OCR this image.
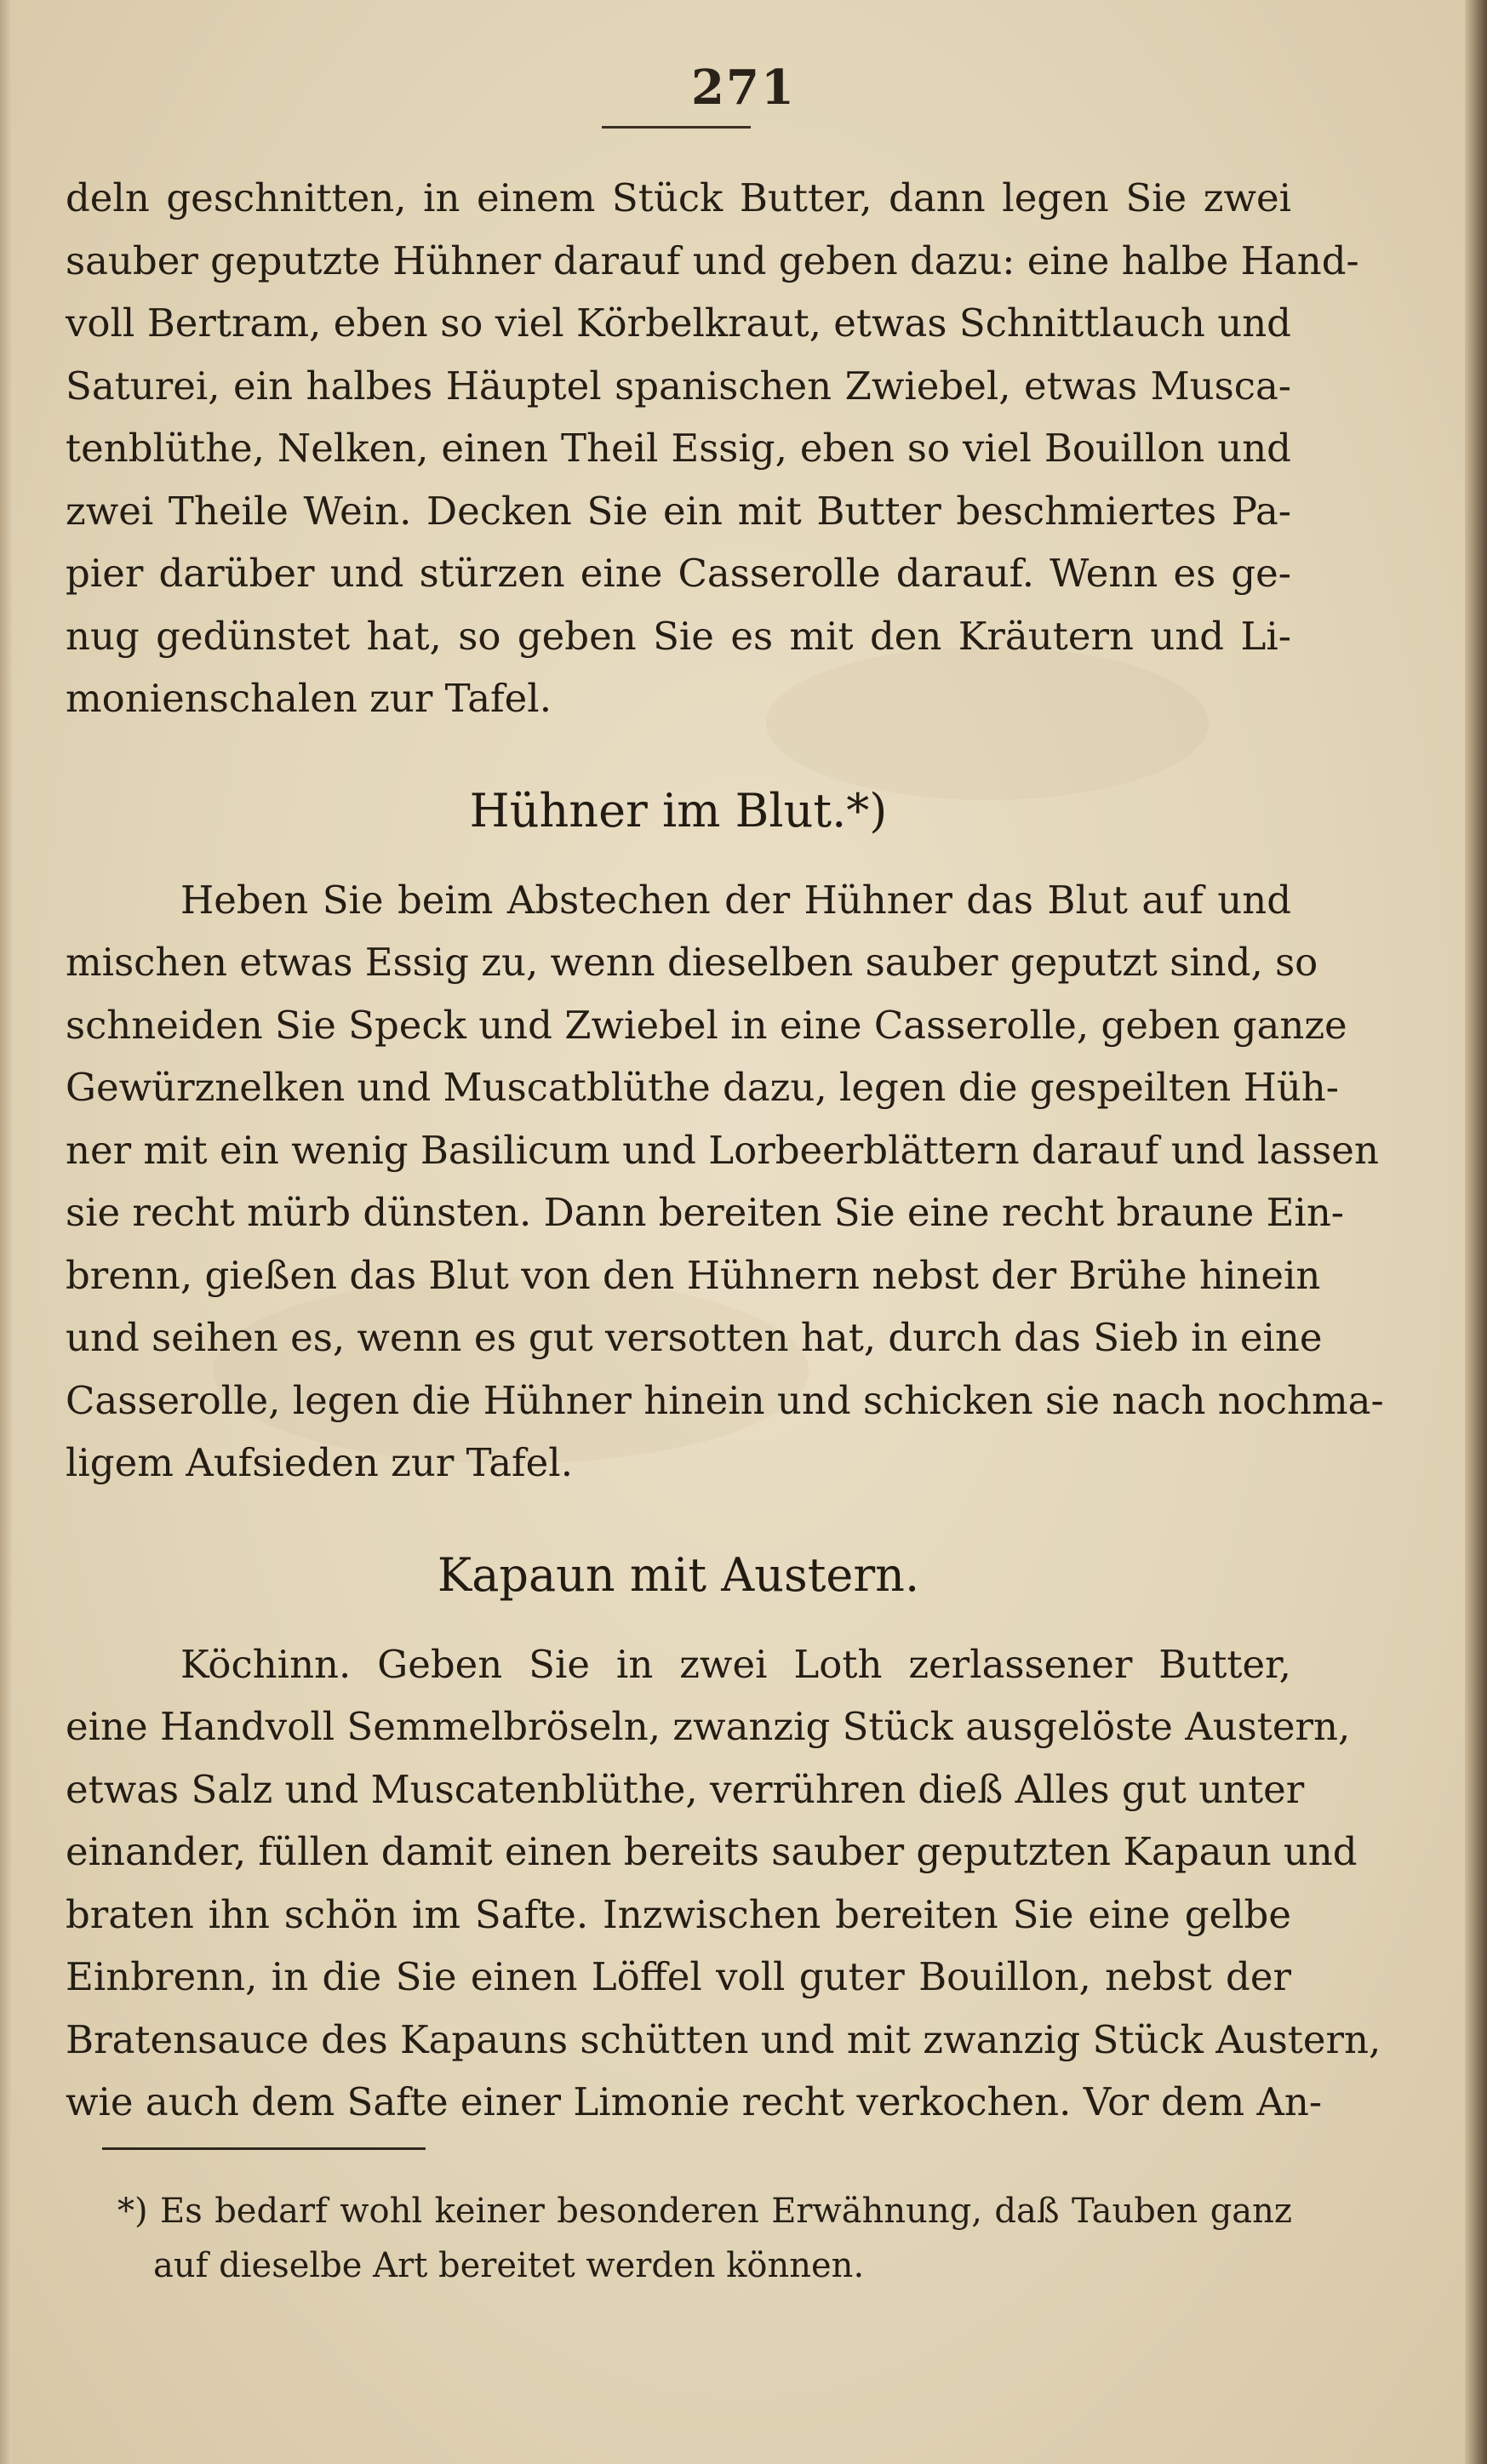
271
deln geschnitten, in einem Stück Butter, dann legen Sie zwei
sauber geputzte Hühner darauf und geben dazu: eine halbe Hand-
voll Bertram, eben so viel Körbelkraut, etwas Schnittlauch und
Saturei, ein halbes Häuptel spanischen Zwiebel, etwas Musca-
tenblüthe, Nelken, einen Theil Essig, eben so viel Bouillon und
zwei Theile Wein. Decken Sie ein mit Butter beschmiertes Pa-
pier darüber und stürzen eine Casserolle darauf. Wenn es ge-
nug gedünstet hat, so geben Sie es mit den Kräutern und Li-
monienschalen zur Tafel.
Hühner im Blut.*)
Heben Sie beim Abstechen der Hühner das Blut auf und
mischen etwas Essig zu, wenn dieselben sauber geputzt sind, so
schneiden Sie Speck und Zwiebel in eine Casserolle, geben ganze
Gewürznelken und Muscatblüthe dazu, legen die gespeilten Hüh-
ner mit ein wenig Basilicum und Lorbeerblättern darauf und lassen
sie recht mürb dünsten. Dann bereiten Sie eine recht braune Ein-
brenn, gießen das Blut von den Hühnern nebst der Brühe hinein
und seihen es, wenn es gut versotten hat, durch das Sieb in eine
Casserolle, legen die Hühner hinein und schicken sie nach nochma-
ligem Aufsieden zur Tafel.
Kapaun mit Austern.
Köchinn. Geben Sie in zwei Loth zerlassener Butter,
eine Handvoll Semmelbröseln, zwanzig Stück ausgelöste Austern,
etwas Salz und Muscatenblüthe, verrühren dieß Alles gut unter
einander, füllen damit einen bereits sauber geputzten Kapaun und
braten ihn schön im Safte. Inzwischen bereiten Sie eine gelbe
Einbrenn, in die Sie einen Löffel voll guter Bouillon, nebst der
Bratensauce des Kapauns schütten und mit zwanzig Stück Austern,
wie auch dem Safte einer Limonie recht verkochen. Vor dem An-
*) Es bedarf wohl keiner besonderen Erwähnung, daß Tauben ganz
auf dieselbe Art bereitet werden können.
